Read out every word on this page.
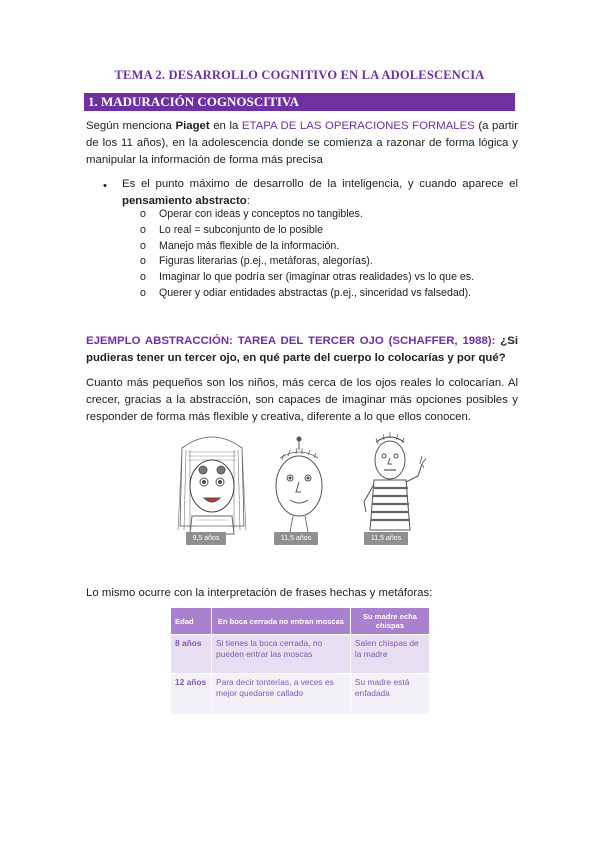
TEMA 2. DESARROLLO COGNITIVO EN LA ADOLESCENCIA
1. MADURACIÓN COGNOSCITIVA
Según menciona Piaget en la ETAPA DE LAS OPERACIONES FORMALES (a partir de los 11 años), en la adolescencia donde se comienza a razonar de forma lógica y manipular la información de forma más precisa
• Es el punto máximo de desarrollo de la inteligencia, y cuando aparece el pensamiento abstracto:
o Operar con ideas y conceptos no tangibles.
o Lo real = subconjunto de lo posible
o Manejo más flexible de la información.
o Figuras literarias (p.ej., metáforas, alegorías).
o Imaginar lo que podría ser (imaginar otras realidades) vs lo que es.
o Querer y odiar entidades abstractas (p.ej., sinceridad vs falsedad).
EJEMPLO ABSTRACCIÓN: TAREA DEL TERCER OJO (SCHAFFER, 1988): ¿Si pudieras tener un tercer ojo, en qué parte del cuerpo lo colocarías y por qué?
Cuanto más pequeños son los niños, más cerca de los ojos reales lo colocarían. Al crecer, gracias a la abstracción, son capaces de imaginar más opciones posibles y responder de forma más flexible y creativa, diferente a lo que ellos conocen.
9,5 años	11,5 años	11,5 años
Lo mismo ocurre con la interpretación de frases hechas y metáforas:
Edad	En boca cerrada no entran moscas	Su madre echa chispas
8 años	Si tienes la boca cerrada, no pueden entrar las moscas	Salen chispas de la madre
12 años	Para decir tonterías, a veces es mejor quedarse callado	Su madre está enfadada
